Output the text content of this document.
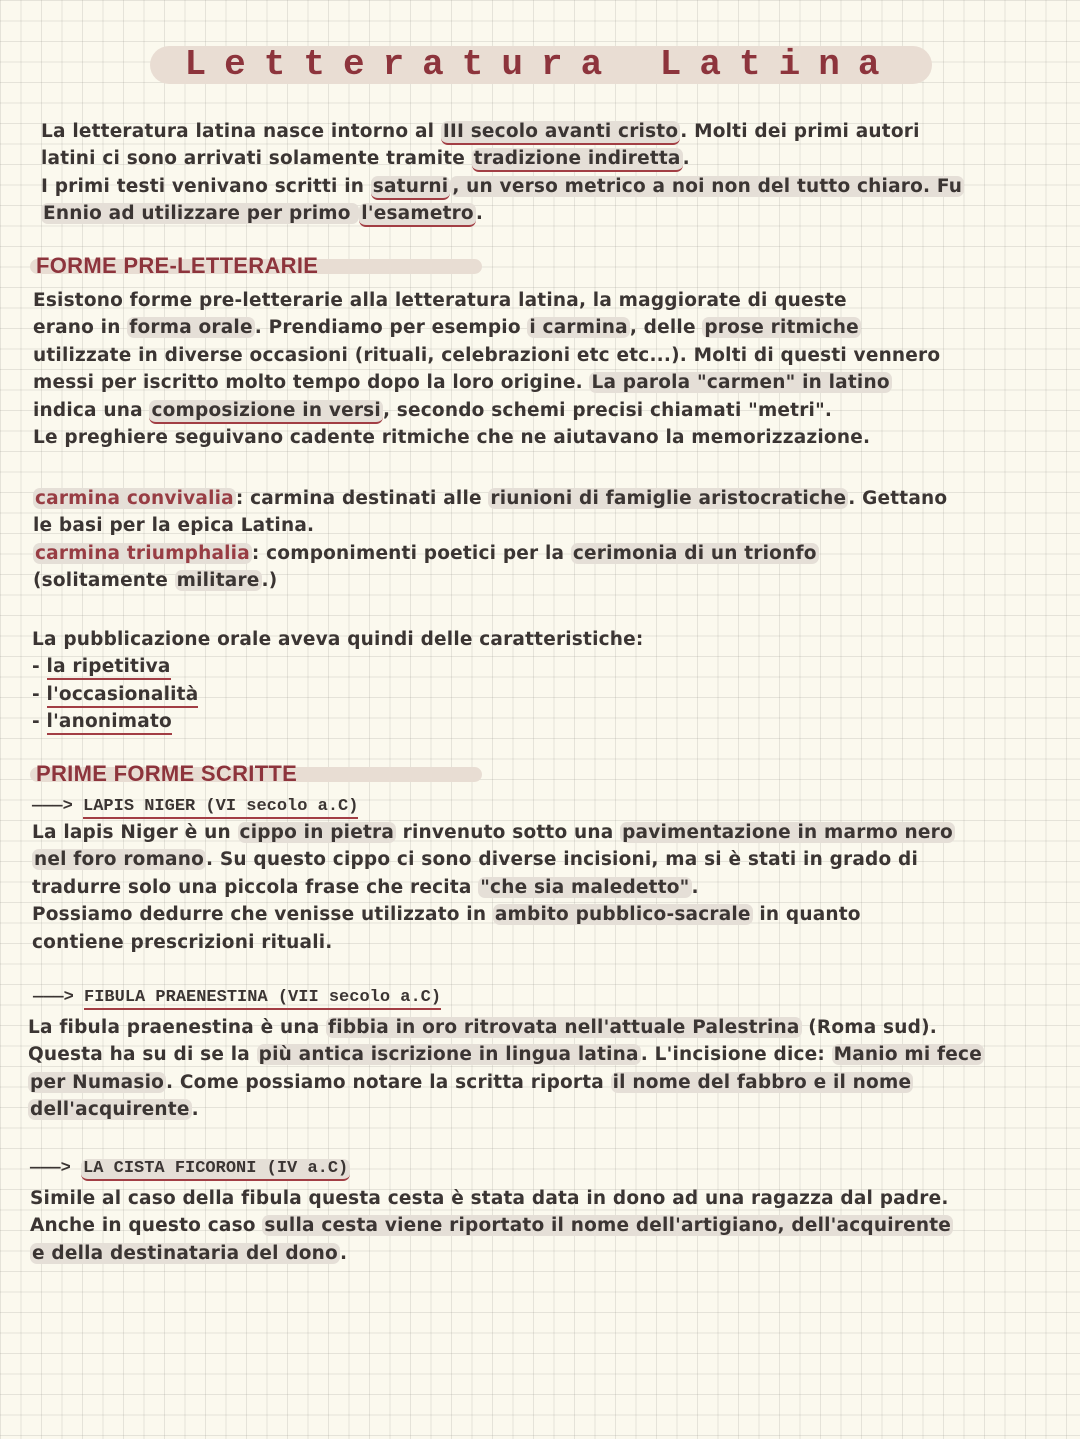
Letteratura Latina
La letteratura latina nasce intorno al III secolo avanti cristo . Molti dei primi autori
latini ci sono arrivati solamente tramite tradizione indiretta .
I primi testi venivano scritti in saturni , un verso metrico a noi non del tutto chiaro. Fu
Ennio ad utilizzare per primo l'esametro .
FORME PRE-LETTERARIE
Esistono forme pre-letterarie alla letteratura latina, la maggiorate di queste
erano in forma orale . Prendiamo per esempio i carmina , delle prose ritmiche
utilizzate in diverse occasioni (rituali, celebrazioni etc etc...). Molti di questi vennero
messi per iscritto molto tempo dopo la loro origine. La parola "carmen" in latino
indica una composizione in versi , secondo schemi precisi chiamati "metri".
Le preghiere seguivano cadente ritmiche che ne aiutavano la memorizzazione.
carmina convivalia : carmina destinati alle riunioni di famiglie aristocratiche . Gettano
le basi per la epica Latina.
carmina triumphalia : componimenti poetici per la cerimonia di un trionfo
(solitamente militare .)
La pubblicazione orale aveva quindi delle caratteristiche:
- la ripetitiva
- l'occasionalità
- l'anonimato
PRIME FORME SCRITTE
———> LAPIS NIGER (VI secolo a.C)
La lapis Niger è un cippo in pietra rinvenuto sotto una pavimentazione in marmo nero
nel foro romano . Su questo cippo ci sono diverse incisioni, ma si è stati in grado di
tradurre solo una piccola frase che recita "che sia maledetto" .
Possiamo dedurre che venisse utilizzato in ambito pubblico-sacrale in quanto
contiene prescrizioni rituali.
———> FIBULA PRAENESTINA (VII secolo a.C)
La fibula praenestina è una fibbia in oro ritrovata nell'attuale Palestrina (Roma sud).
Questa ha su di se la più antica iscrizione in lingua latina . L'incisione dice: Manio mi fece
per Numasio . Come possiamo notare la scritta riporta il nome del fabbro e il nome
dell'acquirente .
———> LA CISTA FICORONI (IV a.C)
Simile al caso della fibula questa cesta è stata data in dono ad una ragazza dal padre.
Anche in questo caso sulla cesta viene riportato il nome dell'artigiano, dell'acquirente
e della destinataria del dono .
